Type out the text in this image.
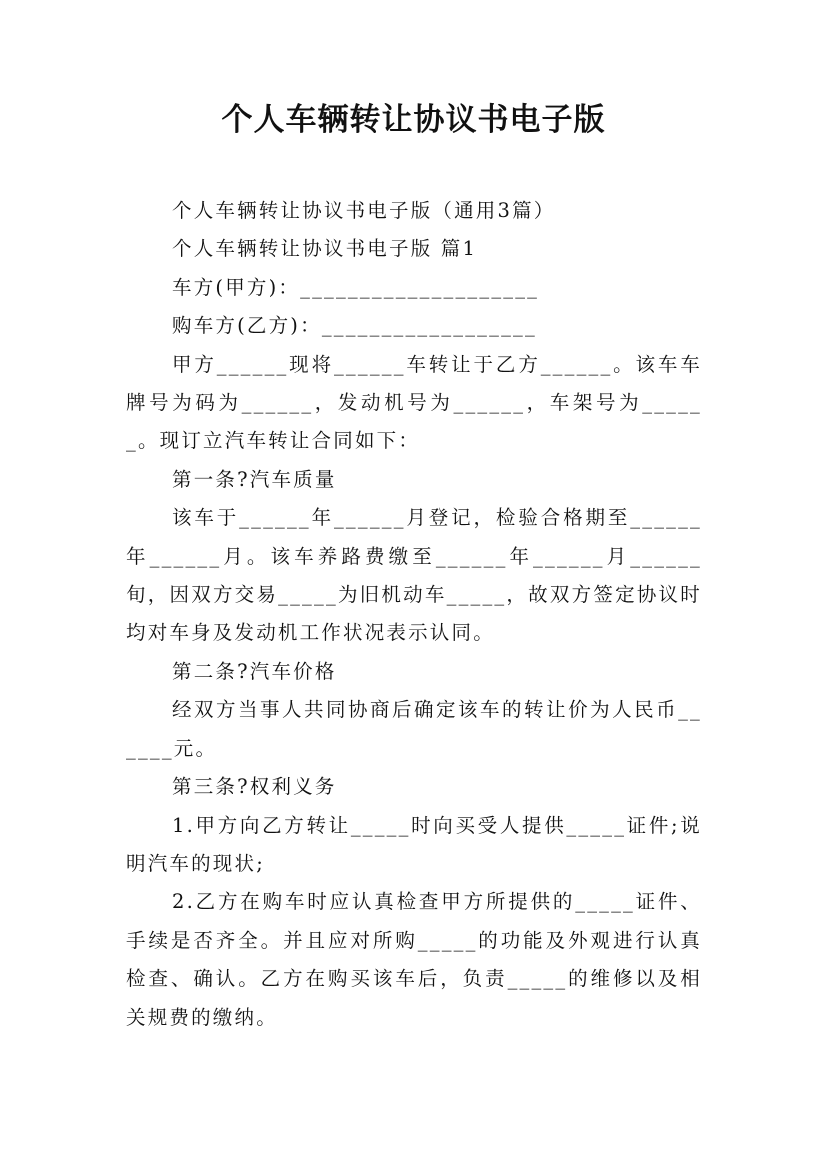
个人车辆转让协议书电子版

个人车辆转让协议书电子版（通用3篇）

个人车辆转让协议书电子版 篇1

车方(甲方)：____________________

购车方(乙方)：__________________

甲方______现将______车转让于乙方______。该车车牌号为码为______，发动机号为______，车架号为______。现订立汽车转让合同如下：

第一条?汽车质量

该车于______年______月登记，检验合格期至______年______月。该车养路费缴至______年______月______旬，因双方交易_____为旧机动车_____，故双方签定协议时均对车身及发动机工作状况表示认同。

第二条?汽车价格

经双方当事人共同协商后确定该车的转让价为人民币______元。

第三条?权利义务

1.甲方向乙方转让_____时向买受人提供_____证件;说明汽车的现状;

2.乙方在购车时应认真检查甲方所提供的_____证件、手续是否齐全。并且应对所购_____的功能及外观进行认真检查、确认。乙方在购买该车后，负责_____的维修以及相关规费的缴纳。
